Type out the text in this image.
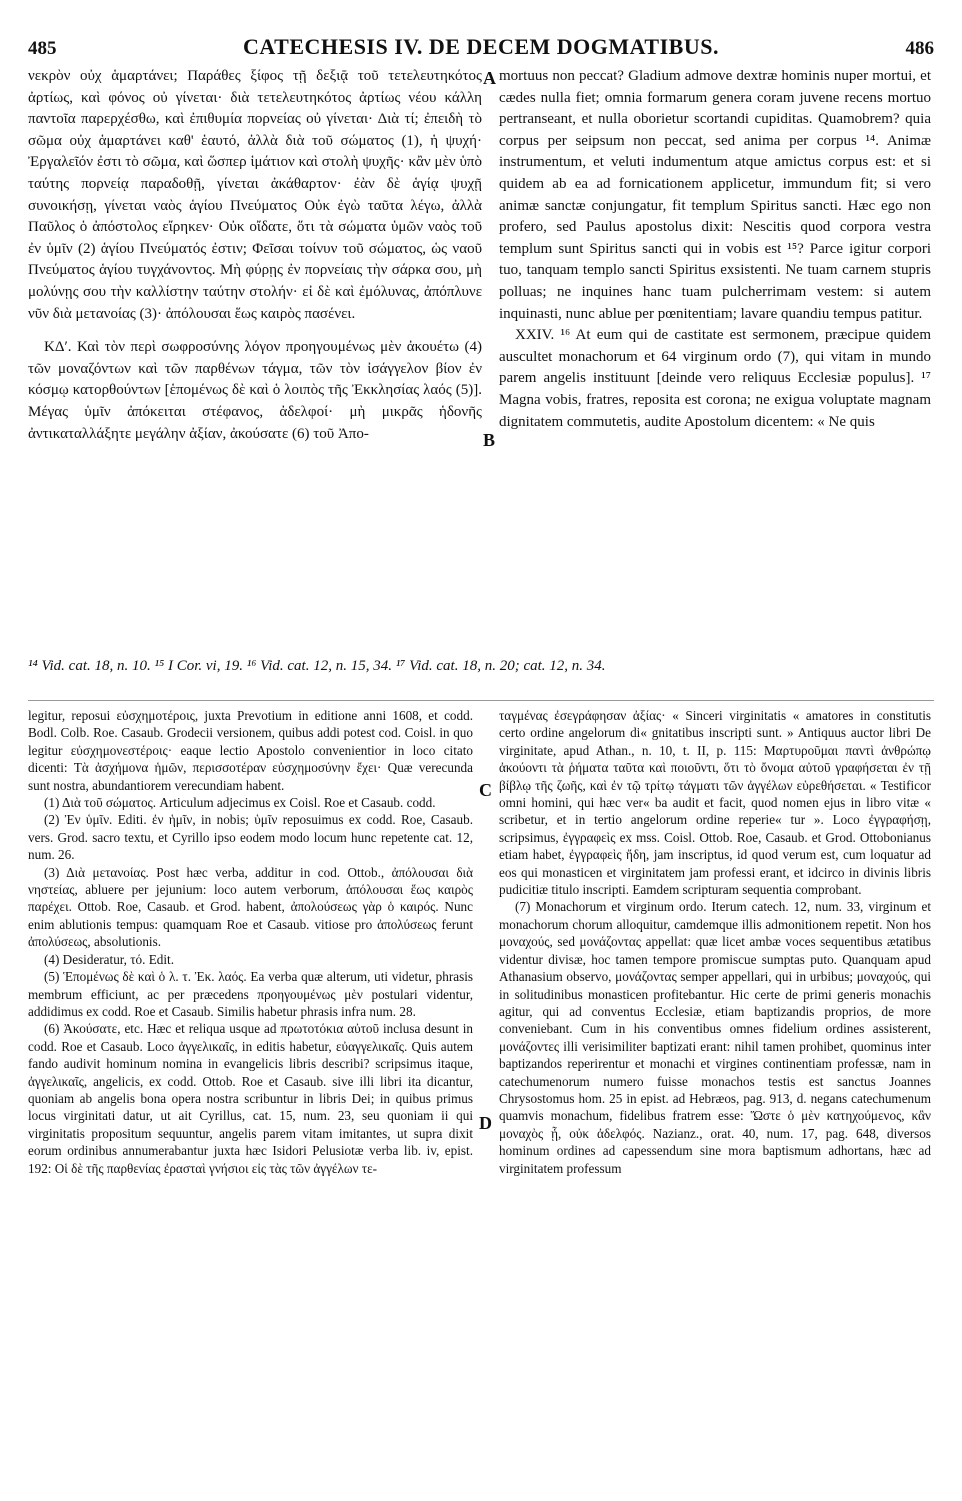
485	CATECHESIS IV. DE DECEM DOGMATIBUS.	486

νεκρὸν οὐχ ἁμαρτάνει; Παράθες ξίφος τῇ δεξιᾷ τοῦ τετελευτηκότος ἀρτίως, καὶ φόνος οὐ γίνεται· διὰ τετελευτηκότος ἀρτίως νέου κάλλη παντοῖα παρερχέσθω, καὶ ἐπιθυμία πορνείας οὐ γίνεται· Διὰ τί; ἐπειδὴ τὸ σῶμα οὐχ ἁμαρτάνει καθ' ἑαυτό, ἀλλὰ διὰ τοῦ σώματος (1), ἡ ψυχή· Ἐργαλεῖόν ἐστι τὸ σῶμα, καὶ ὥσπερ ἱμάτιον καὶ στολὴ ψυχῆς· κἂν μὲν ὑπὸ ταύτης πορνείᾳ παραδοθῇ, γίνεται ἀκάθαρτον· ἐὰν δὲ ἁγίᾳ ψυχῇ συνοικήσῃ, γίνεται ναὸς ἁγίου Πνεύματος Οὐκ ἐγὼ ταῦτα λέγω, ἀλλὰ Παῦλος ὁ ἀπόστολος εἴρηκεν· Οὐκ οἴδατε, ὅτι τὰ σώματα ὑμῶν ναὸς τοῦ ἐν ὑμῖν (2) ἁγίου Πνεύματός ἐστιν; Φεῖσαι τοίνυν τοῦ σώματος, ὡς ναοῦ Πνεύματος ἁγίου τυγχάνοντος. Μὴ φύρῃς ἐν πορνείαις τὴν σάρκα σου, μὴ μολύνῃς σου τὴν καλλίστην ταύτην στολήν· εἰ δὲ καὶ ἐμόλυνας, ἀπόπλυνε νῦν διὰ μετανοίας (3)· ἀπόλουσαι ἕως καιρὸς πασένει.

ΚΔʹ. Καὶ τὸν περὶ σωφροσύνης λόγον προηγουμένως μὲν ἀκουέτω (4) τῶν μοναζόντων καὶ τῶν παρθένων τάγμα, τῶν τὸν ἰσάγγελον βίον ἐν κόσμῳ κατορθούντων [ἑπομένως δὲ καὶ ὁ λοιπὸς τῆς Ἐκκλησίας λαός (5)]. Μέγας ὑμῖν ἀπόκειται στέφανος, ἀδελφοί· μὴ μικρᾶς ἡδονῆς ἀντικαταλλάξητε μεγάλην ἀξίαν, ἀκούσατε (6) τοῦ Ἀπο-

mortuus non peccat? Gladium admove dextræ hominis nuper mortui, et cædes nulla fiet; omnia formarum genera coram juvene recens mortuo pertranseant, et nulla oborietur scortandi cupiditas. Quamobrem? quia corpus per seipsum non peccat, sed anima per corpus ¹⁴. Animæ instrumentum, et veluti indumentum atque amictus corpus est: et si quidem ab ea ad fornicationem applicetur, immundum fit; si vero animæ sanctæ conjungatur, fit templum Spiritus sancti. Hæc ego non profero, sed Paulus apostolus dixit: Nescitis quod corpora vestra templum sunt Spiritus sancti qui in vobis est ¹⁵? Parce igitur corpori tuo, tanquam templo sancti Spiritus exsistenti. Ne tuam carnem stupris polluas; ne inquines hanc tuam pulcherrimam vestem: si autem inquinasti, nunc ablue per pœnitentiam; lavare quandiu tempus patitur.

XXIV. ¹⁶ At eum qui de castitate est sermonem, præcipue quidem auscultet monachorum et 64 virginum ordo (7), qui vitam in mundo parem angelis instituunt [deinde vero reliquus Ecclesiæ populus]. ¹⁷ Magna vobis, fratres, reposita est corona; ne exigua voluptate magnam dignitatem commutetis, audite Apostolum dicentem: « Ne quis

A
B
C
D
¹⁴ Vid. cat. 18, n. 10. ¹⁵ I Cor. vi, 19. ¹⁶ Vid. cat. 12, n. 15, 34. ¹⁷ Vid. cat. 18, n. 20; cat. 12, n. 34.

legitur, reposui εὐσχημοτέροις, juxta Prevotium in editione anni 1608, et codd. Bodl. Colb. Roe. Casaub. Grodecii versionem, quibus addi potest cod. Coisl. in quo legitur εὐσχημονεστέροις· eaque lectio Apostolo convenientior in loco citato dicenti: Τὰ ἀσχήμονα ἡμῶν, περισσοτέραν εὐσχημοσύνην ἔχει· Quæ verecunda sunt nostra, abundantiorem verecundiam habent.

(1) Διὰ τοῦ σώματος. Articulum adjecimus ex Coisl. Roe et Casaub. codd.

(2) Ἐν ὑμῖν. Editi. ἐν ἡμῖν, in nobis; ὑμῖν reposuimus ex codd. Roe, Casaub. vers. Grod. sacro textu, et Cyrillo ipso eodem modo locum hunc repetente cat. 12, num. 26.

(3) Διὰ μετανοίας. Post hæc verba, additur in cod. Ottob., ἀπόλουσαι διὰ νηστείας, abluere per jejunium: loco autem verborum, ἀπόλουσαι ἕως καιρὸς παρέχει. Ottob. Roe, Casaub. et Grod. habent, ἀπολούσεως γὰρ ὁ καιρός. Nunc enim ablutionis tempus: quamquam Roe et Casaub. vitiose pro ἀπολύσεως ferunt ἀπολύσεως, absolutionis.

(4) Desideratur, τό. Edit.

(5) Ἑπομένως δὲ καὶ ὁ λ. τ. Ἐκ. λαός. Ea verba quæ alterum, uti videtur, phrasis membrum efficiunt, ac per præcedens προηγουμένως μὲν postulari videntur, addidimus ex codd. Roe et Casaub. Similis habetur phrasis infra num. 28.

(6) Ἀκούσατε, etc. Hæc et reliqua usque ad πρωτοτόκια αὐτοῦ inclusa desunt in codd. Roe et Casaub. Loco ἀγγελικαῖς, in editis habetur, εὐαγγελικαῖς. Quis autem fando audivit hominum nomina in evangelicis libris describi? scripsimus itaque, ἀγγελικαῖς, angelicis, ex codd. Ottob. Roe et Casaub. sive illi libri ita dicantur, quoniam ab angelis bona opera nostra scribuntur in libris Dei; in quibus primus locus virginitati datur, ut ait Cyrillus, cat. 15, num. 23, seu quoniam ii qui virginitatis propositum sequuntur, angelis parem vitam imitantes, ut supra dixit eorum ordinibus annumerabantur juxta hæc Isidori Pelusiotæ verba lib. iv, epist. 192: Οἱ δὲ τῆς παρθενίας ἐρασταὶ γνήσιοι εἰς τὰς τῶν ἀγγέλων τε-

ταγμένας ἐσεγράφησαν ἀξίας· « Sinceri virginitatis « amatores in constitutis certo ordine angelorum di« gnitatibus inscripti sunt. » Antiquus auctor libri De virginitate, apud Athan., n. 10, t. II, p. 115: Μαρτυροῦμαι παντὶ ἀνθρώπῳ ἀκούοντι τὰ ῥήματα ταῦτα καὶ ποιοῦντι, ὅτι τὸ ὄνομα αὐτοῦ γραφήσεται ἐν τῇ βίβλῳ τῆς ζωῆς, καὶ ἐν τῷ τρίτῳ τάγματι τῶν ἀγγέλων εὑρεθήσεται. « Testificor omni homini, qui hæc ver« ba audit et facit, quod nomen ejus in libro vitæ « scribetur, et in tertio angelorum ordine reperie« tur ». Loco ἐγγραφήσῃ, scripsimus, ἐγγραφεὶς ex mss. Coisl. Ottob. Roe, Casaub. et Grod. Ottobonianus etiam habet, ἐγγραφεὶς ἤδη, jam inscriptus, id quod verum est, cum loquatur ad eos qui monasticen et virginitatem jam professi erant, et idcirco in divinis libris pudicitiæ titulo inscripti. Eamdem scripturam sequentia comprobant.

(7) Monachorum et virginum ordo. Iterum catech. 12, num. 33, virginum et monachorum chorum alloquitur, camdemque illis admonitionem repetit. Non hos μοναχούς, sed μονάζοντας appellat: quæ licet ambæ voces sequentibus ætatibus videntur divisæ, hoc tamen tempore promiscue sumptas puto. Quanquam apud Athanasium observo, μονάζοντας semper appellari, qui in urbibus; μοναχούς, qui in solitudinibus monasticen profitebantur. Hic certe de primi generis monachis agitur, qui ad conventus Ecclesiæ, etiam baptizandis proprios, de more conveniebant. Cum in his conventibus omnes fidelium ordines assisterent, μονάζοντες illi verisimiliter baptizati erant: nihil tamen prohibet, quominus inter baptizandos reperirentur et monachi et virgines continentiam professæ, nam in catechumenorum numero fuisse monachos testis est sanctus Joannes Chrysostomus hom. 25 in epist. ad Hebræos, pag. 913, d. negans catechumenum quamvis monachum, fidelibus fratrem esse: Ὥστε ὁ μὲν κατηχούμενος, κἂν μοναχὸς ᾖ, οὐκ ἀδελφός. Nazianz., orat. 40, num. 17, pag. 648, diversos hominum ordines ad capessendum sine mora baptismum adhortans, hæc ad virginitatem professum
